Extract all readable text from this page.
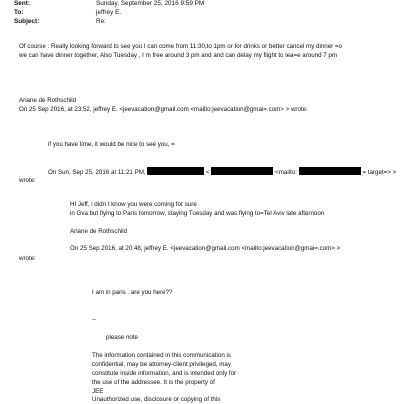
Sent:	Sunday, September 25, 2016 9:59 PM
To:	jeffrey E.
Subject:	Re:
Of course . Really looking forward to see you I can come from 11:30,to 1pm or for drinks or better cancel my dinner =o
we can have dinner together, Also Tuesday , I m free around 3 pm and and can delay my flight to lea=e around 7 pm
Ariane de Rothschild
On 25 Sep 2016, at 23:52, jeffrey E. <jeevacation@gmail.com <mailto:jeevacation@gmai=.com> > wrote:
if you have time, it would be nice to see you, =
On Sun, Sep 25, 2016 at 11:21 PM,	<	<mailto:	= target=> >
wrote:
HI Jeff, i didn t know you were coming for sure
in Gva but flying to Paris tomorrow, staying Tuesday and was flying to=Tel Aviv late afternoon
Ariane de Rothschild
On 25 Sep 2016, at 20:48, jeffrey E. <jeevacation@gmail.com <mailto:jeevacation@gmai=.com> >
wrote:
I am in paris . are you here??
--
please note
The information contained in this communication is
confidential, may be attorney-client privileged, may
constitute inside information, and is intended only for
the use of the addressee. It is the property of
JEE
Unauthorized use, disclosure or copying of this
